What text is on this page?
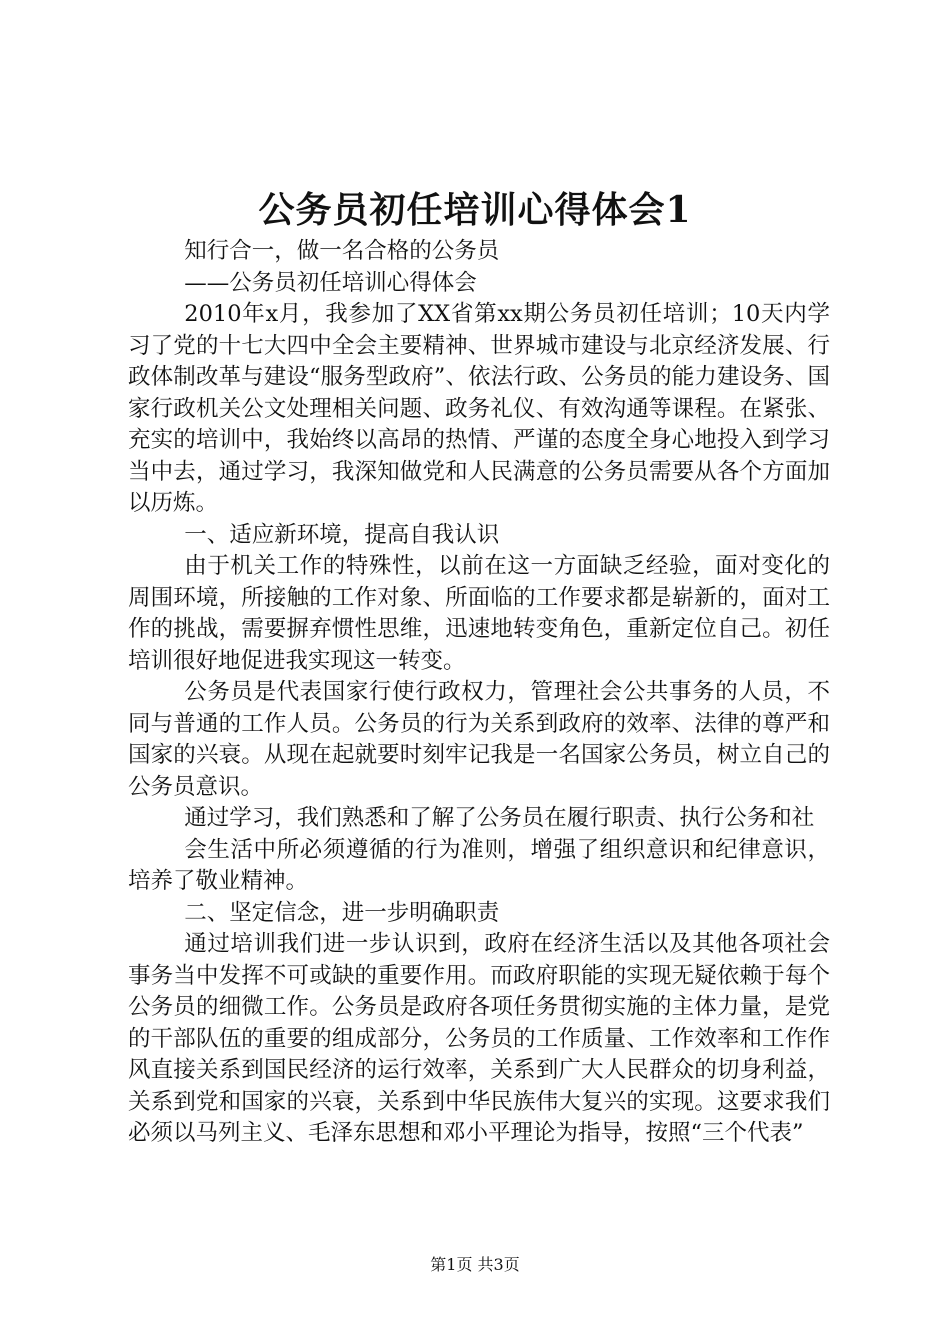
公务员初任培训心得体会1

知行合一，做一名合格的公务员

——公务员初任培训心得体会

2010年x月，我参加了XX省第xx期公务员初任培训；10天内学习了党的十七大四中全会主要精神、世界城市建设与北京经济发展、行政体制改革与建设“服务型政府”、依法行政、公务员的能力建设务、国家行政机关公文处理相关问题、政务礼仪、有效沟通等课程。在紧张、充实的培训中，我始终以高昂的热情、严谨的态度全身心地投入到学习当中去，通过学习，我深知做党和人民满意的公务员需要从各个方面加以历炼。

一、适应新环境，提高自我认识

由于机关工作的特殊性，以前在这一方面缺乏经验，面对变化的周围环境，所接触的工作对象、所面临的工作要求都是崭新的，面对工作的挑战，需要摒弃惯性思维，迅速地转变角色，重新定位自己。初任培训很好地促进我实现这一转变。

公务员是代表国家行使行政权力，管理社会公共事务的人员，不同与普通的工作人员。公务员的行为关系到政府的效率、法律的尊严和国家的兴衰。从现在起就要时刻牢记我是一名国家公务员，树立自己的公务员意识。

通过学习，我们熟悉和了解了公务员在履行职责、执行公务和社

会生活中所必须遵循的行为准则，增强了组织意识和纪律意识，培养了敬业精神。

二、坚定信念，进一步明确职责

通过培训我们进一步认识到，政府在经济生活以及其他各项社会事务当中发挥不可或缺的重要作用。而政府职能的实现无疑依赖于每个公务员的细微工作。公务员是政府各项任务贯彻实施的主体力量，是党的干部队伍的重要的组成部分，公务员的工作质量、工作效率和工作作风直接关系到国民经济的运行效率，关系到广大人民群众的切身利益，关系到党和国家的兴衰，关系到中华民族伟大复兴的实现。这要求我们必须以马列主义、毛泽东思想和邓小平理论为指导，按照“三个代表”

第1页 共3页
